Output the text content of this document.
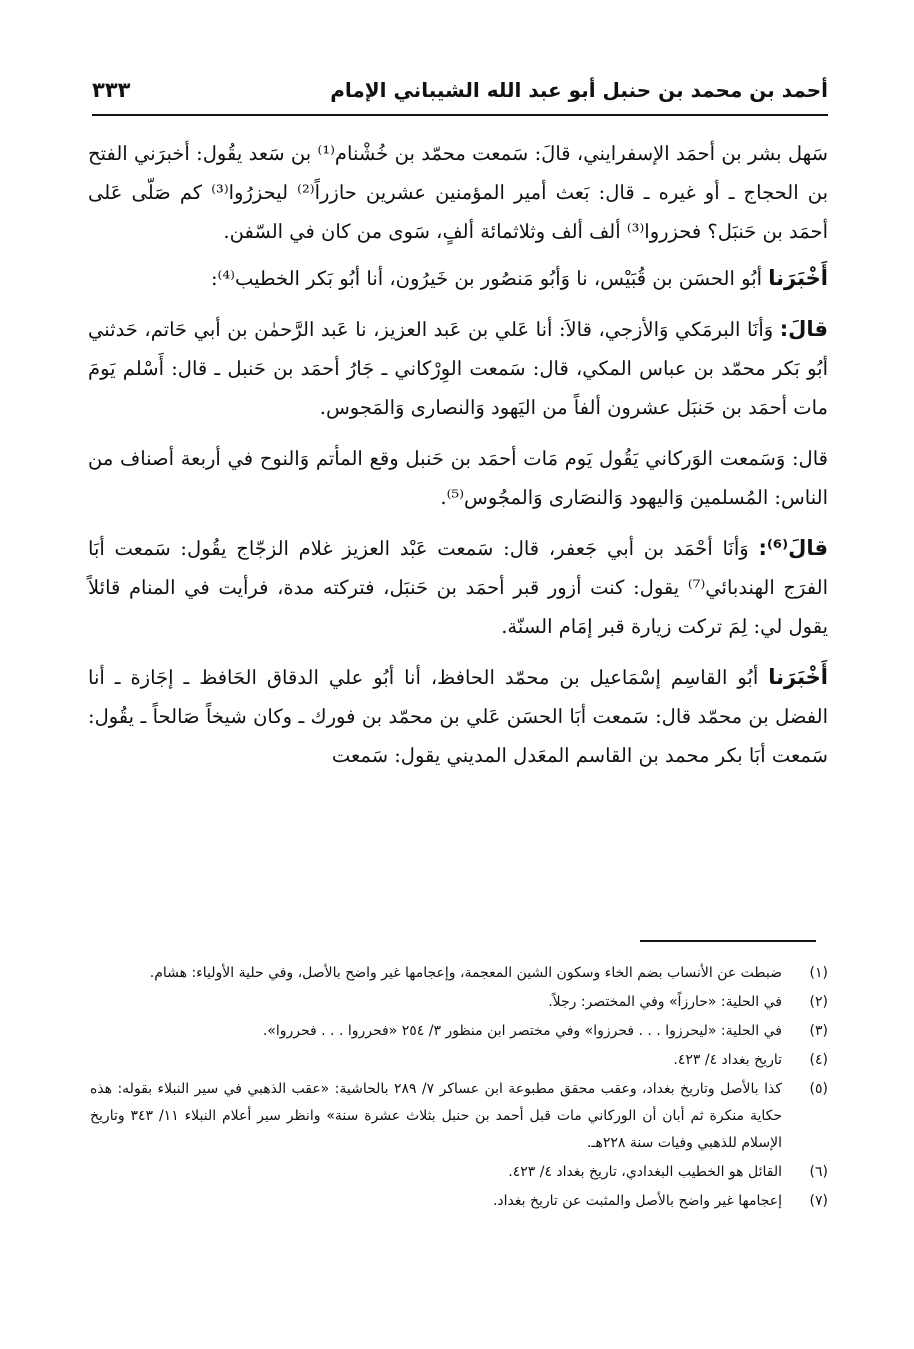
أحمد بن محمد بن حنبل أبو عبد الله الشيباني الإمام
٣٣٣

سَهل بشر بن أحمَد الإسفرايني، قالَ: سَمعت محمّد بن خُشْنام⁽¹⁾ بن سَعد يقُول: أخبرَني الفتح بن الحجاج ـ أو غيره ـ قال: بَعث أمير المؤمنين عشرين حازراً⁽²⁾ ليحزرُوا⁽³⁾ كم صَلّى عَلى أحمَد بن حَنبَل؟ فحزروا⁽³⁾ ألف ألف وثلاثمائة ألفٍ، سَوى من كان في السّفن.

أَخْبَرَنا أبُو الحسَن بن قُبَيْس، نا وَأبُو مَنصُور بن خَيرُون، أنا أبُو بَكر الخطيب⁽⁴⁾:

قالَ: وَأنَا البرمَكي وَالأزجي، قالاَ: أنا عَلي بن عَبد العزيز، نا عَبد الرَّحمٰن بن أبي حَاتم، حَدثني أبُو بَكر محمّد بن عباس المكي، قال: سَمعت الوِرْكاني ـ جَارُ أحمَد بن حَنبل ـ قال: أَسْلم يَومَ مات أحمَد بن حَنبَل عشرون ألفاً من اليَهود وَالنصارى وَالمَجوس.

قال: وَسَمعت الوَركاني يَقُول يَوم مَات أحمَد بن حَنبل وقع المأتم وَالنوح في أربعة أصناف من الناس: المُسلمين وَاليهود وَالنصَارى وَالمجُوس⁽⁵⁾.

قالَ⁽⁶⁾: وَأنَا أحْمَد بن أبي جَعفر، قال: سَمعت عَبْد العزيز غلام الزجّاج يقُول: سَمعت أبَا الفرَج الهندبائي⁽⁷⁾ يقول: كنت أزور قبر أحمَد بن حَنبَل، فتركته مدة، فرأيت في المنام قائلاً يقول لي: لِمَ تركت زيارة قبر إمَام السنّة.

أَخْبَرَنا أبُو القاسِم إسْمَاعيل بن محمّد الحافظ، أنا أبُو علي الدقاق الحَافظ ـ إجَازة ـ أنا الفضل بن محمّد قال: سَمعت أبَا الحسَن عَلي بن محمّد بن فورك ـ وكان شيخاً صَالحاً ـ يقُول: سَمعت أبَا بكر محمد بن القاسم المعَدل المديني يقول: سَمعت

(١)
ضبطت عن الأنساب بضم الخاء وسكون الشين المعجمة، وإعجامها غير واضح بالأصل، وفي حلية الأولياء: هشام.
(٢)
في الحلية: «حارزاً» وفي المختصر: رجلاً.
(٣)
في الحلية: «ليحرزوا . . . فحرزوا» وفي مختصر ابن منظور ٣/ ٢٥٤ «فحرروا . . . فحرروا».
(٤)
تاريخ بغداد ٤/ ٤٢٣.
(٥)
كذا بالأصل وتاريخ بغداد، وعقب محقق مطبوعة ابن عساكر ٧/ ٢٨٩ بالحاشية: «عقب الذهبي في سير النبلاء بقوله: هذه حكاية منكرة ثم أبان أن الوركاني مات قبل أحمد بن حنبل بثلاث عشرة سنة» وانظر سير أعلام النبلاء ١١/ ٣٤٣ وتاريخ الإسلام للذهبي وفيات سنة ٢٢٨هـ.
(٦)
القائل هو الخطيب البغدادي، تاريخ بغداد ٤/ ٤٢٣.
(٧)
إعجامها غير واضح بالأصل والمثبت عن تاريخ بغداد.
